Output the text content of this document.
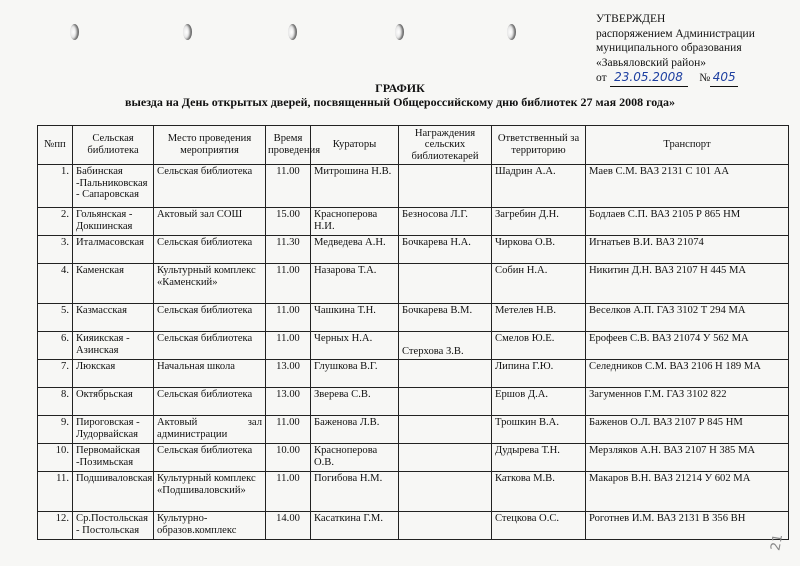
УТВЕРЖДЕН
распоряжением Администрации
муниципального образования
«Завьяловский район»
от 23.05.2008 № 405
ГРАФИК
выезда на День открытых дверей, посвященный Общероссийскому дню библиотек 27 мая 2008 года»
№пп	Сельская библиотека	Место проведения мероприятия	Время проведения	Кураторы	Награждения сельских библиотекарей	Ответственный за территорию	Транспорт
1.	Бабинская -Пальниковская - Сапаровская	Сельская библиотека	11.00	Митрошина Н.В.		Шадрин А.А.	Маев С.М. ВАЗ 2131 С 101 АА
2.	Гольянская - Докшинская	Актовый зал СОШ	15.00	Красноперова Н.И.	Безносова Л.Г.	Загребин Д.Н.	Бодлаев С.П. ВАЗ 2105 Р 865 НМ
3.	Италмасовская	Сельская библиотека	11.30	Медведева А.Н.	Бочкарева Н.А.	Чиркова О.В.	Игнатьев В.И. ВАЗ 21074
4.	Каменская	Культурный комплекс «Каменский»	11.00	Назарова Т.А.		Собин Н.А.	Никитин Д.Н. ВАЗ 2107 Н 445 МА
5.	Казмасская	Сельская библиотека	11.00	Чашкина Т.Н.	Бочкарева В.М.	Метелев Н.В.	Веселков А.П. ГАЗ 3102 Т 294 МА
6.	Кияикская - Азинская	Сельская библиотека	11.00	Черных Н.А.	Стерхова З.В.	Смелов Ю.Е.	Ерофеев С.В. ВАЗ 21074 У 562 МА
7.	Люкская	Начальная школа	13.00	Глушкова В.Г.		Липина Г.Ю.	Селедников С.М. ВАЗ 2106 Н 189 МА
8.	Октябрьская	Сельская библиотека	13.00	Зверева С.В.		Ершов Д.А.	Загуменнов Г.М. ГАЗ 3102 822
9.	Пироговская - Лудорвайская	Актовый зал администрации	11.00	Баженова Л.В.		Трошкин В.А.	Баженов О.Л. ВАЗ 2107 Р 845 НМ
10.	Первомайская -Позимьская	Сельская библиотека	10.00	Красноперова О.В.		Дудырева Т.Н.	Мерзляков А.Н. ВАЗ 2107 Н 385 МА
11.	Подшиваловская	Культурный комплекс «Подшиваловский»	11.00	Погибова Н.М.		Каткова М.В.	Макаров В.Н. ВАЗ 21214 У 602 МА
12.	Ср.Постольская - Постольская	Культурно-образов.комплекс	14.00	Касаткина Г.М.		Стецкова О.С.	Роготнев И.М. ВАЗ 2131 В 356 ВН
21
